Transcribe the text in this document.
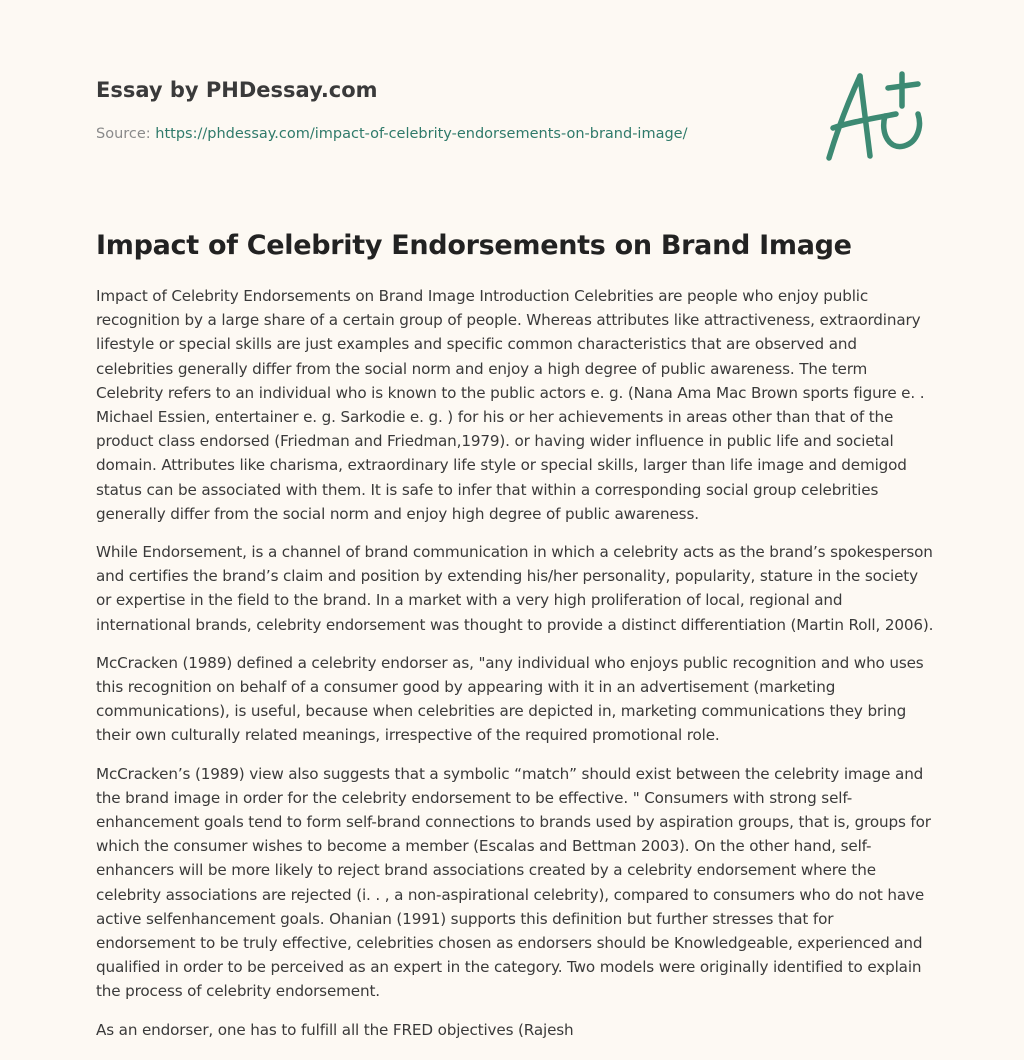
Essay by PHDessay.com
Source: https://phdessay.com/impact-of-celebrity-endorsements-on-brand-image/
Impact of Celebrity Endorsements on Brand Image

Impact of Celebrity Endorsements on Brand Image Introduction Celebrities are people who enjoy public recognition by a large share of a certain group of people. Whereas attributes like attractiveness, extraordinary lifestyle or special skills are just examples and specific common characteristics that are observed and celebrities generally differ from the social norm and enjoy a high degree of public awareness. The term Celebrity refers to an individual who is known to the public actors e. g. (Nana Ama Mac Brown sports figure e. . Michael Essien, entertainer e. g. Sarkodie e. g. ) for his or her achievements in areas other than that of the product class endorsed (Friedman and Friedman,1979). or having wider influence in public life and societal domain. Attributes like charisma, extraordinary life style or special skills, larger than life image and demigod status can be associated with them. It is safe to infer that within a corresponding social group celebrities generally differ from the social norm and enjoy high degree of public awareness.

While Endorsement, is a channel of brand communication in which a celebrity acts as the brand’s spokesperson and certifies the brand’s claim and position by extending his/her personality, popularity, stature in the society or expertise in the field to the brand. In a market with a very high proliferation of local, regional and international brands, celebrity endorsement was thought to provide a distinct differentiation (Martin Roll, 2006).

McCracken (1989) defined a celebrity endorser as, "any individual who enjoys public recognition and who uses this recognition on behalf of a consumer good by appearing with it in an advertisement (marketing communications), is useful, because when celebrities are depicted in, marketing communications they bring their own culturally related meanings, irrespective of the required promotional role.

McCracken’s (1989) view also suggests that a symbolic “match” should exist between the celebrity image and the brand image in order for the celebrity endorsement to be effective. " Consumers with strong self-enhancement goals tend to form self-brand connections to brands used by aspiration groups, that is, groups for which the consumer wishes to become a member (Escalas and Bettman 2003). On the other hand, self-enhancers will be more likely to reject brand associations created by a celebrity endorsement where the celebrity associations are rejected (i. . , a non-aspirational celebrity), compared to consumers who do not have active selfenhancement goals. Ohanian (1991) supports this definition but further stresses that for endorsement to be truly effective, celebrities chosen as endorsers should be Knowledgeable, experienced and qualified in order to be perceived as an expert in the category. Two models were originally identified to explain the process of celebrity endorsement.

As an endorser, one has to fulfill all the FRED objectives (Rajesh
